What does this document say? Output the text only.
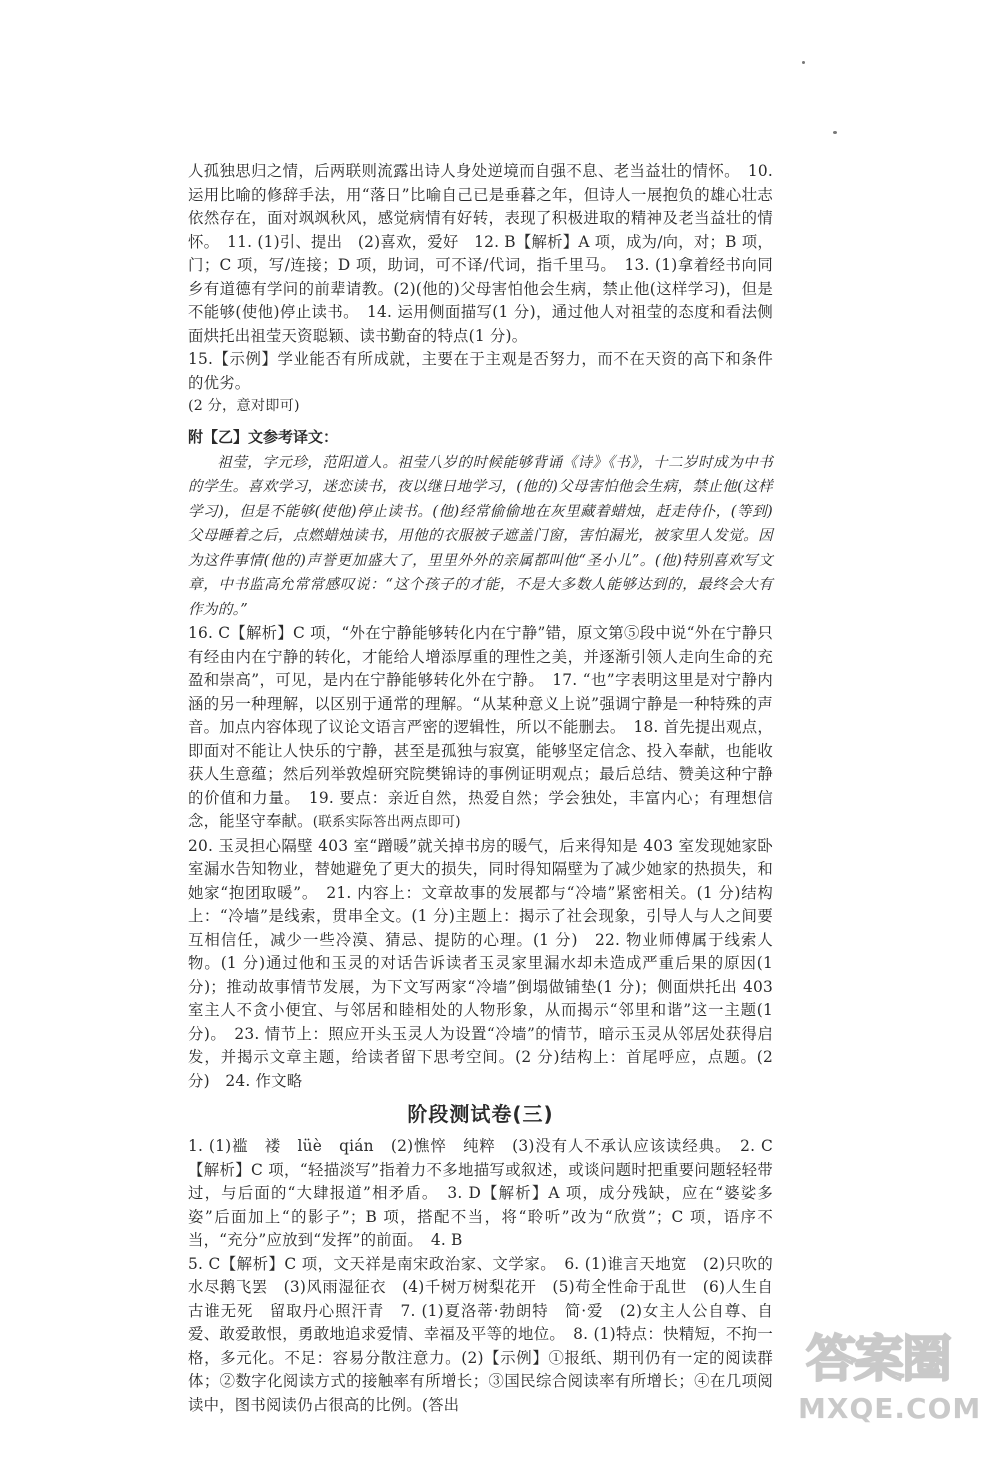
人孤独思归之情，后两联则流露出诗人身处逆境而自强不息、老当益壮的情怀。　10. 运用比喻的修辞手法，用“落日”比喻自己已是垂暮之年，但诗人一展抱负的雄心壮志依然存在，面对飒飒秋风，感觉病情有好转，表现了积极进取的精神及老当益壮的情怀。　11. (1)引、提出　(2)喜欢，爱好　12. B【解析】A 项，成为/向，对；B 项，门；C 项，写/连接；D 项，助词，可不译/代词，指千里马。　13. (1)拿着经书向同乡有道德有学问的前辈请教。(2)(他的)父母害怕他会生病，禁止他(这样学习)，但是不能够(使他)停止读书。　14. 运用侧面描写(1 分)，通过他人对祖莹的态度和看法侧面烘托出祖莹天资聪颖、读书勤奋的特点(1 分)。

15.【示例】学业能否有所成就，主要在于主观是否努力，而不在天资的高下和条件的优劣。

(2 分，意对即可)

附【乙】文参考译文：

祖莹，字元珍，范阳道人。祖莹八岁的时候能够背诵《诗》《书》，十二岁时成为中书的学生。喜欢学习，迷恋读书，夜以继日地学习，(他的)父母害怕他会生病，禁止他(这样学习)，但是不能够(使他)停止读书。(他)经常偷偷地在灰里藏着蜡烛，赶走侍仆，(等到)父母睡着之后，点燃蜡烛读书，用他的衣服被子遮盖门窗，害怕漏光，被家里人发觉。因为这件事情(他的)声誉更加盛大了，里里外外的亲属都叫他“圣小儿”。(他)特别喜欢写文章，中书监高允常常感叹说：“这个孩子的才能，不是大多数人能够达到的，最终会大有作为的。”

16. C【解析】C 项，“外在宁静能够转化内在宁静”错，原文第⑤段中说“外在宁静只有经由内在宁静的转化，才能给人增添厚重的理性之美，并逐渐引领人走向生命的充盈和崇高”，可见，是内在宁静能够转化外在宁静。　17. “也”字表明这里是对宁静内涵的另一种理解，以区别于通常的理解。“从某种意义上说”强调宁静是一种特殊的声音。加点内容体现了议论文语言严密的逻辑性，所以不能删去。　18. 首先提出观点，即面对不能让人快乐的宁静，甚至是孤独与寂寞，能够坚定信念、投入奉献，也能收获人生意蕴；然后列举敦煌研究院樊锦诗的事例证明观点；最后总结、赞美这种宁静的价值和力量。　19. 要点：亲近自然，热爱自然；学会独处，丰富内心；有理想信念，能坚守奉献。(联系实际答出两点即可)

20. 玉灵担心隔壁 403 室“蹭暖”就关掉书房的暖气，后来得知是 403 室发现她家卧室漏水告知物业，替她避免了更大的损失，同时得知隔壁为了减少她家的热损失，和她家“抱团取暖”。　21. 内容上：文章故事的发展都与“冷墙”紧密相关。(1 分)结构上：“冷墙”是线索，贯串全文。(1 分)主题上：揭示了社会现象，引导人与人之间要互相信任，减少一些冷漠、猜忌、提防的心理。(1 分)　22. 物业师傅属于线索人物。(1 分)通过他和玉灵的对话告诉读者玉灵家里漏水却未造成严重后果的原因(1 分)；推动故事情节发展，为下文写两家“冷墙”倒塌做铺垫(1 分)；侧面烘托出 403 室主人不贪小便宜、与邻居和睦相处的人物形象，从而揭示“邻里和谐”这一主题(1 分)。　23. 情节上：照应开头玉灵人为设置“冷墙”的情节，暗示玉灵从邻居处获得启发，并揭示文章主题，给读者留下思考空间。(2 分)结构上：首尾呼应，点题。(2 分)　24. 作文略

阶段测试卷(三)

1. (1)褴　褛　lüè　qián　(2)憔悴　纯粹　(3)没有人不承认应该读经典。　2. C【解析】C 项，“轻描淡写”指着力不多地描写或叙述，或谈问题时把重要问题轻轻带过，与后面的“大肆报道”相矛盾。　3. D【解析】A 项，成分残缺，应在“婆娑多姿”后面加上“的影子”；B 项，搭配不当，将“聆听”改为“欣赏”；C 项，语序不当，“充分”应放到“发挥”的前面。　4. B

5. C【解析】C 项，文天祥是南宋政治家、文学家。　6. (1)谁言天地宽　(2)只吹的水尽鹅飞罢　(3)风雨湿征衣　(4)千树万树梨花开　(5)苟全性命于乱世　(6)人生自古谁无死　留取丹心照汗青　7. (1)夏洛蒂·勃朗特　简·爱　(2)女主人公自尊、自爱、敢爱敢恨，勇敢地追求爱情、幸福及平等的地位。　8. (1)特点：快精短，不拘一格，多元化。不足：容易分散注意力。(2)【示例】①报纸、期刊仍有一定的阅读群体；②数字化阅读方式的接触率有所增长；③国民综合阅读率有所增长；④在几项阅读中，图书阅读仍占很高的比例。(答出

答案圈
MXQE.COM
